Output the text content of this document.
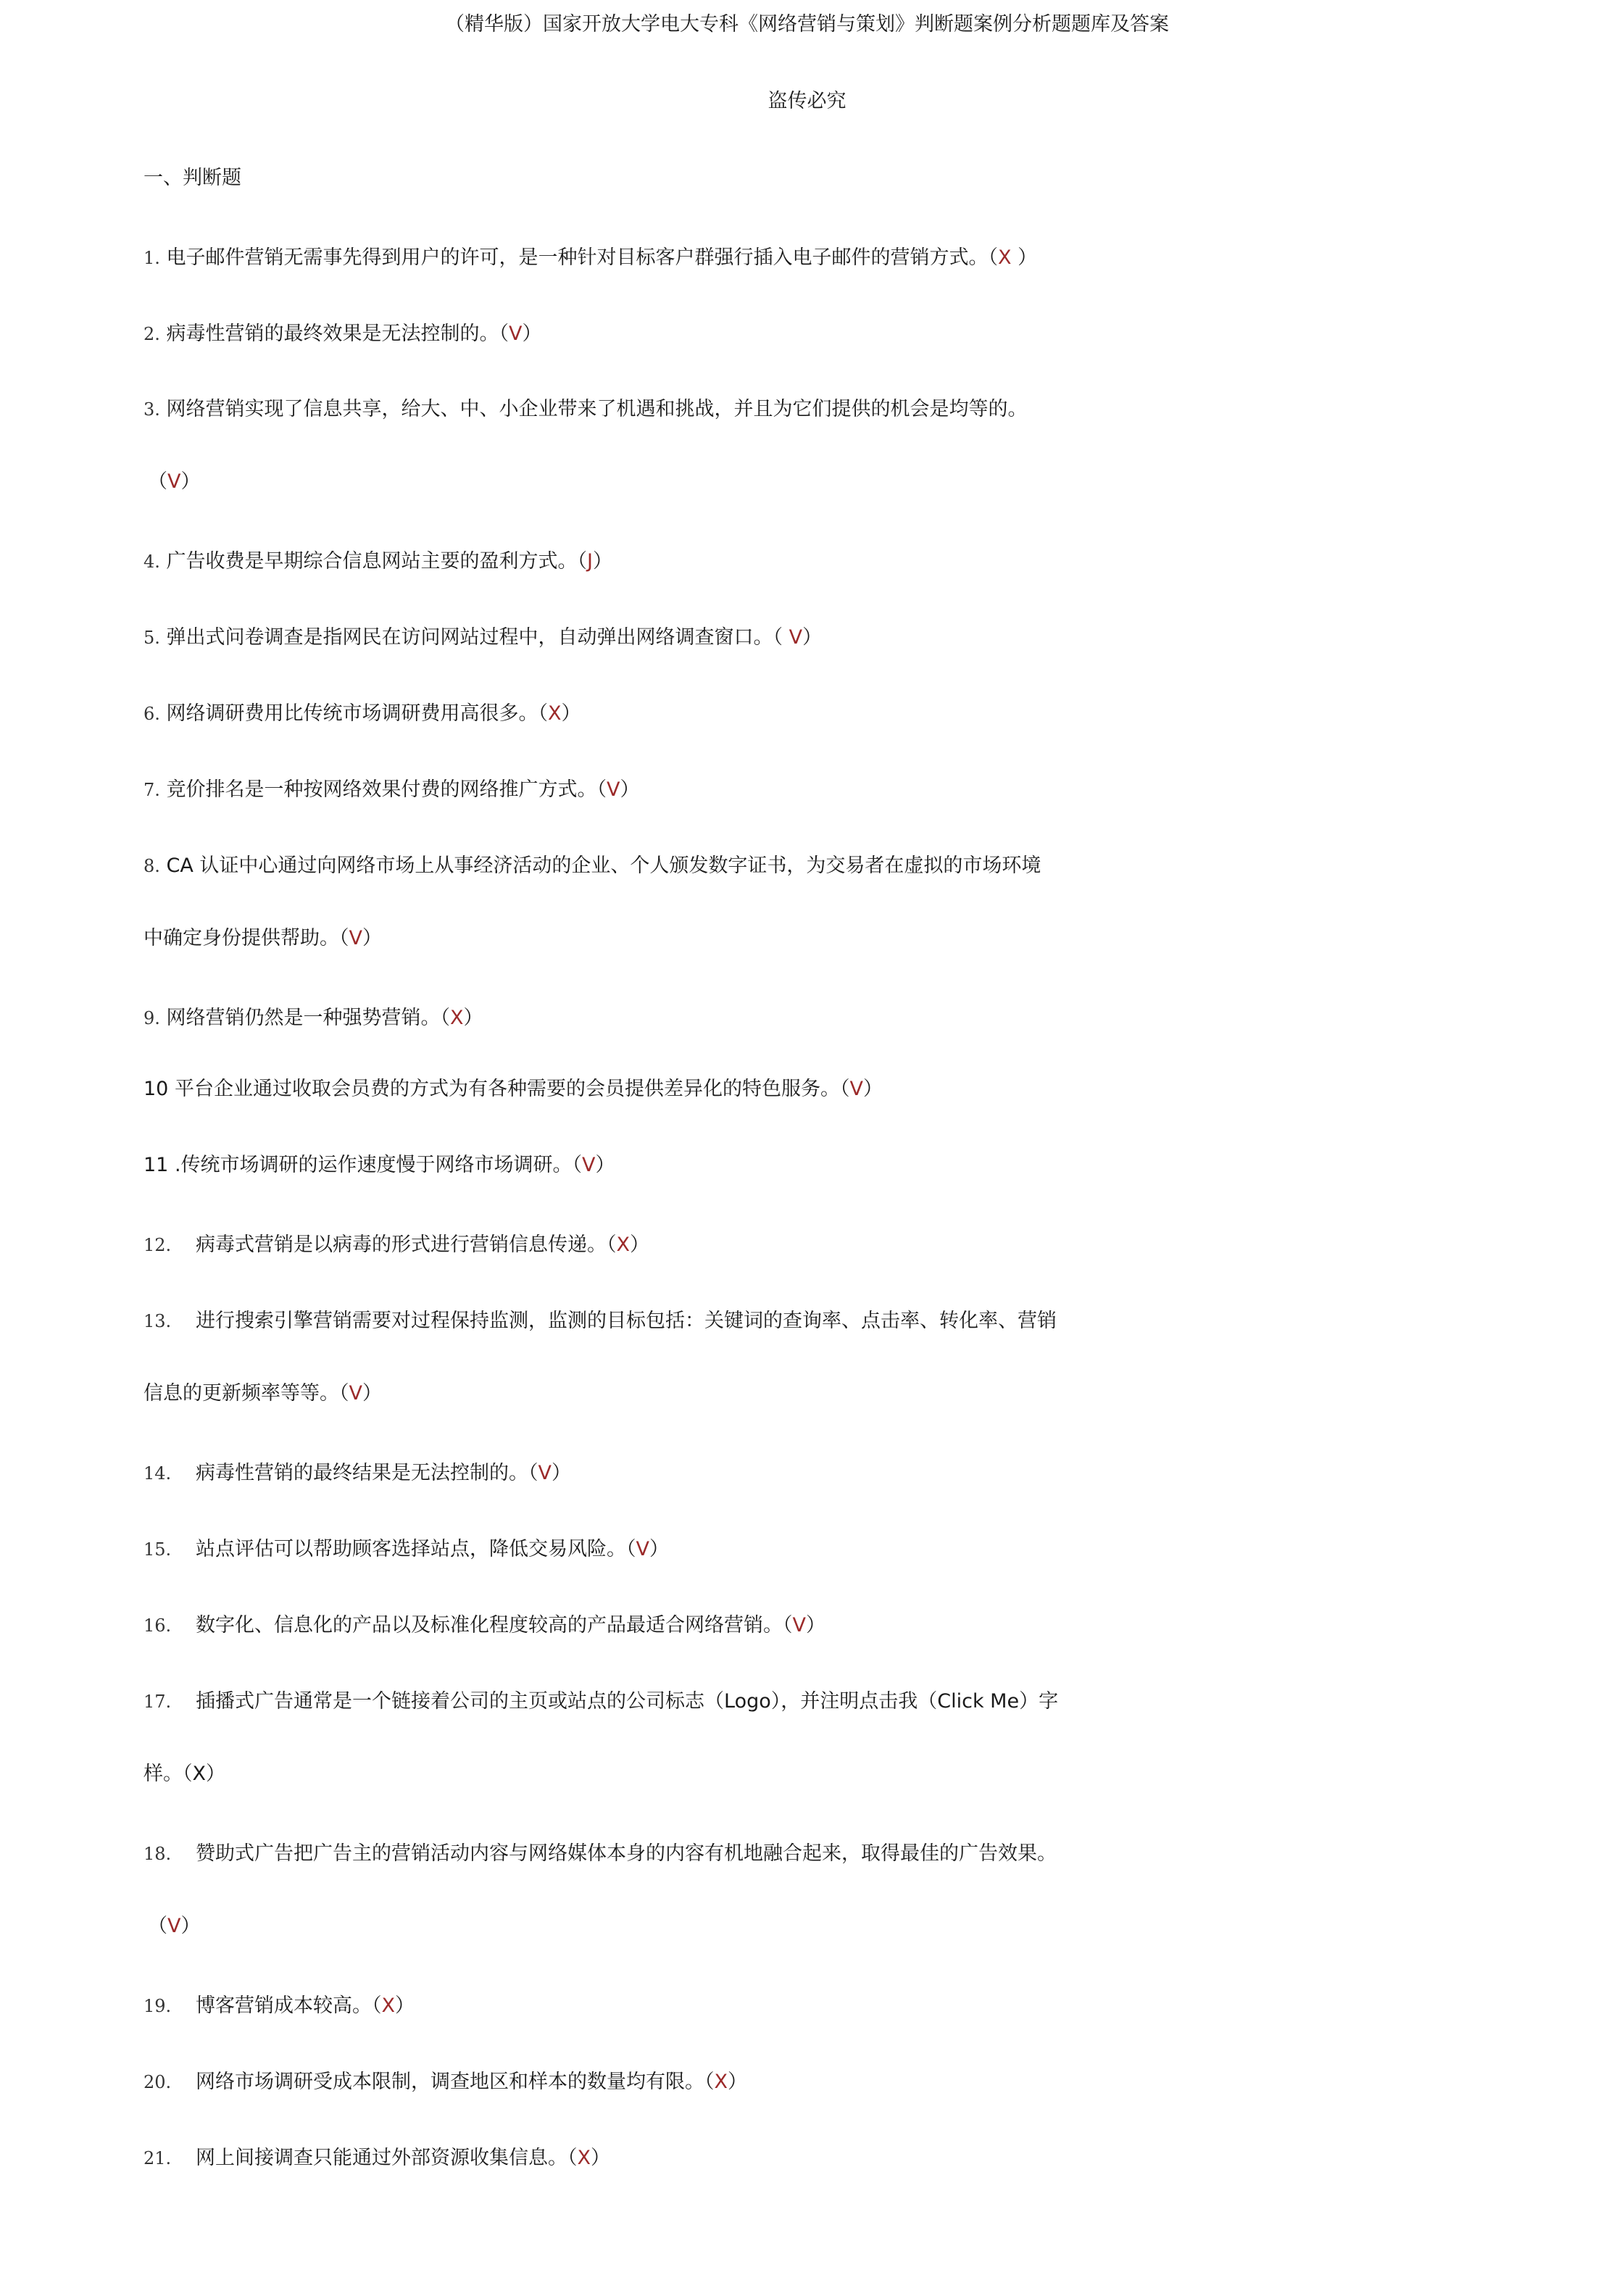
（精华版）国家开放大学电大专科《网络营销与策划》判断题案例分析题题库及答案
盗传必究
一、判断题
1. 电子邮件营销无需事先得到用户的许可，是一种针对目标客户群强行插入电子邮件的营销方式。（X ）
2. 病毒性营销的最终效果是无法控制的。（V）
3. 网络营销实现了信息共享，给大、中、小企业带来了机遇和挑战，并且为它们提供的机会是均等的。
（V）
4. 广告收费是早期综合信息网站主要的盈利方式。（J）
5. 弹出式问卷调查是指网民在访问网站过程中，自动弹出网络调查窗口。（ V）
6. 网络调研费用比传统市场调研费用高很多。（X）
7. 竞价排名是一种按网络效果付费的网络推广方式。（V）
8. CA 认证中心通过向网络市场上从事经济活动的企业、个人颁发数字证书，为交易者在虚拟的市场环境
中确定身份提供帮助。（V）
9. 网络营销仍然是一种强势营销。（X）
10 平台企业通过收取会员费的方式为有各种需要的会员提供差异化的特色服务。（V）
11 .传统市场调研的运作速度慢于网络市场调研。（V）
12. 病毒式营销是以病毒的形式进行营销信息传递。（X）
13. 进行搜索引擎营销需要对过程保持监测，监测的目标包括：关键词的查询率、点击率、转化率、营销
信息的更新频率等等。（V）
14. 病毒性营销的最终结果是无法控制的。（V）
15. 站点评估可以帮助顾客选择站点，降低交易风险。（V）
16. 数字化、信息化的产品以及标准化程度较高的产品最适合网络营销。（V）
17. 插播式广告通常是一个链接着公司的主页或站点的公司标志（Logo），并注明点击我（Click Me）字
样。（X）
18. 赞助式广告把广告主的营销活动内容与网络媒体本身的内容有机地融合起来，取得最佳的广告效果。
（V）
19. 博客营销成本较高。（X）
20. 网络市场调研受成本限制，调查地区和样本的数量均有限。（X）
21. 网上间接调查只能通过外部资源收集信息。（X）
